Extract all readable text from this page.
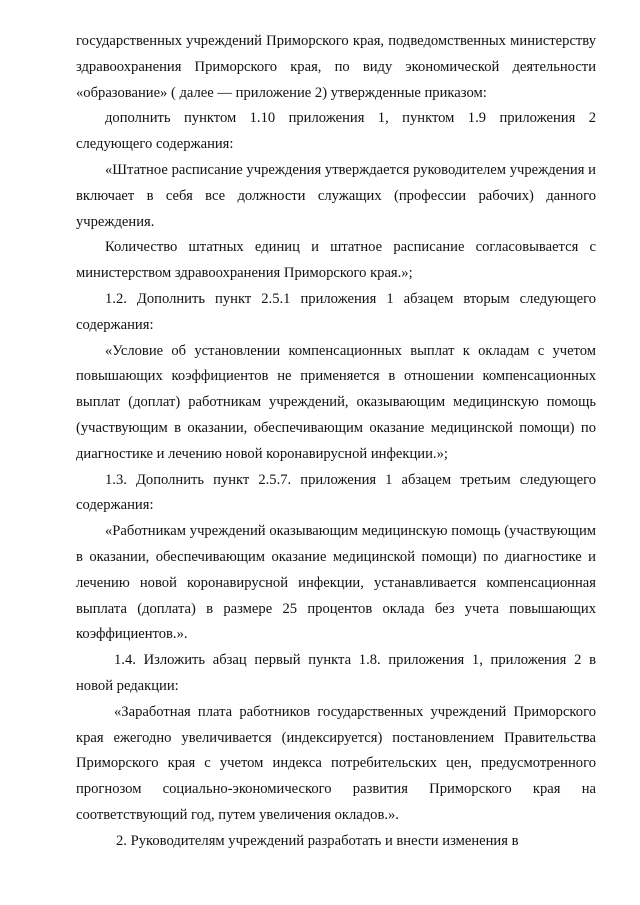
государственных учреждений Приморского края, подведомственных министерству здравоохранения Приморского края, по виду экономической деятельности «образование» ( далее — приложение 2) утвержденные приказом:

дополнить пунктом 1.10 приложения 1, пунктом 1.9 приложения 2 следующего содержания:

«Штатное расписание учреждения утверждается руководителем учреждения и включает в себя все должности служащих (профессии рабочих) данного учреждения.

Количество штатных единиц и штатное расписание согласовывается с министерством здравоохранения Приморского края.»;

1.2. Дополнить пункт 2.5.1 приложения 1 абзацем вторым следующего содержания:

«Условие об установлении компенсационных выплат к окладам с учетом повышающих коэффициентов не применяется в отношении компенсационных выплат (доплат) работникам учреждений, оказывающим медицинскую помощь (участвующим в оказании, обеспечивающим оказание медицинской помощи) по диагностике и лечению новой коронавирусной инфекции.»;

1.3. Дополнить пункт 2.5.7. приложения 1 абзацем третьим следующего содержания:

«Работникам учреждений оказывающим медицинскую помощь (участвующим в оказании, обеспечивающим оказание медицинской помощи) по диагностике и лечению новой коронавирусной инфекции, устанавливается компенсационная выплата (доплата) в размере 25 процентов оклада без учета повышающих коэффициентов.».

1.4. Изложить абзац первый пункта 1.8. приложения 1, приложения 2 в новой редакции:

«Заработная плата работников государственных учреждений Приморского края ежегодно увеличивается (индексируется) постановлением Правительства Приморского края с учетом индекса потребительских цен, предусмотренного прогнозом социально-экономического развития Приморского края на соответствующий год, путем увеличения окладов.».

2. Руководителям учреждений разработать и внести изменения в
